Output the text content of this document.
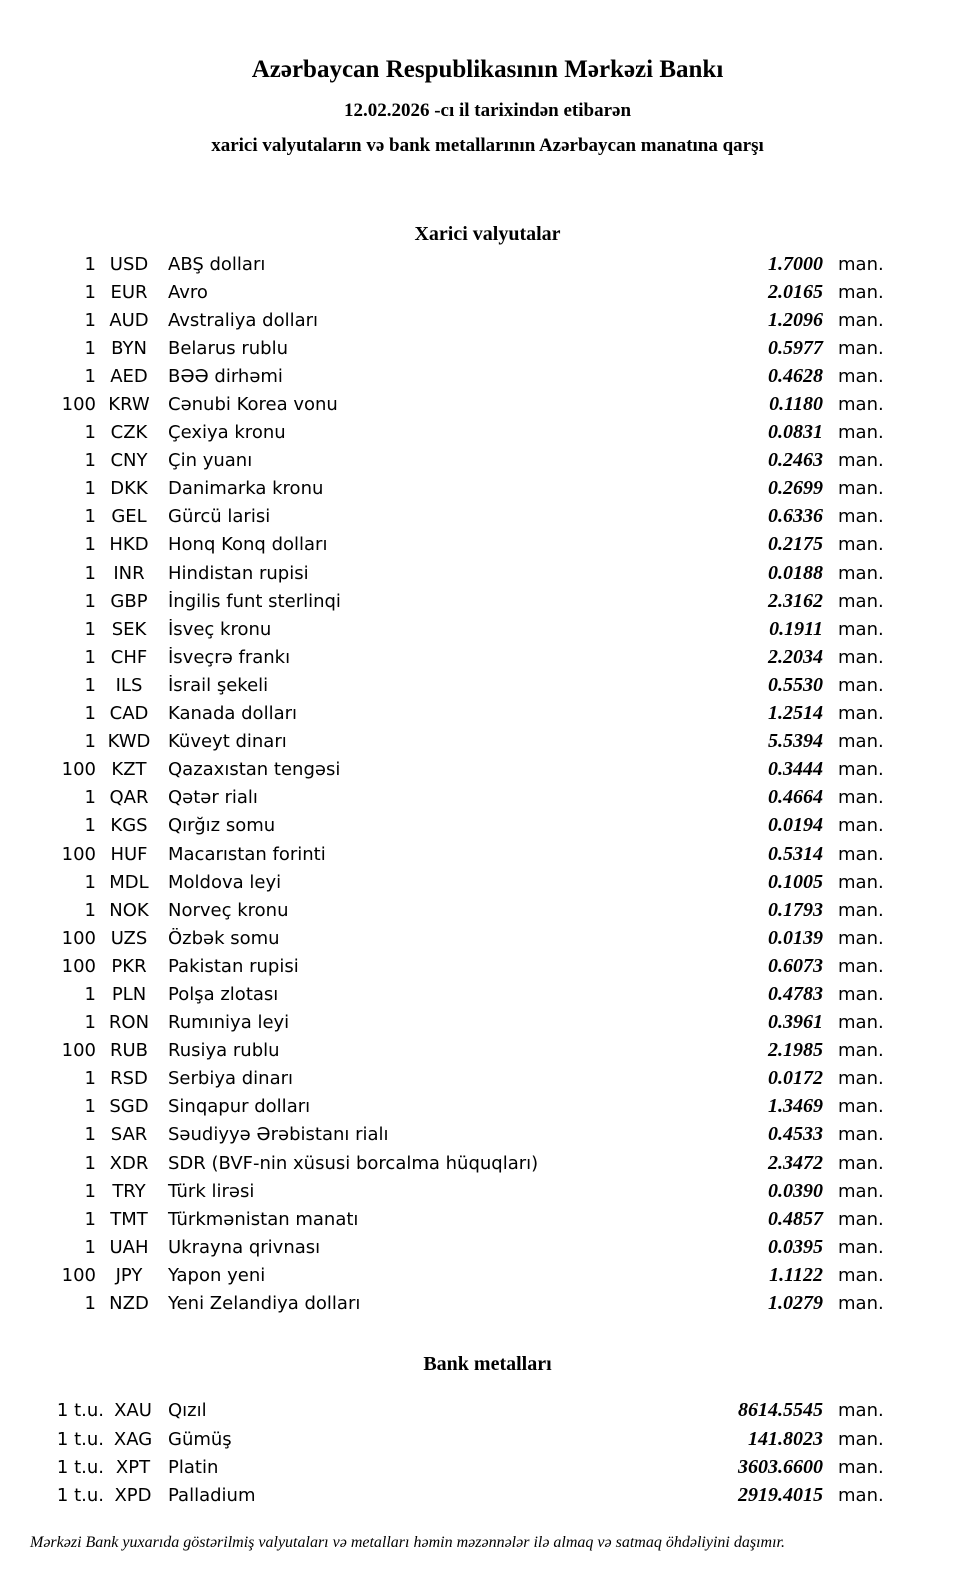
Azərbaycan Respublikasının Mərkəzi Bankı
12.02.2026 -cı il tarixindən etibarən
xarici valyutaların və bank metallarının Azərbaycan manatına qarşı
Xarici valyutalar
1 USD	ABŞ dolları	1.7000 man.
1 EUR	Avro	2.0165 man.
1 AUD	Avstraliya dolları	1.2096 man.
1 BYN	Belarus rublu	0.5977 man.
1 AED	BƏƏ dirhəmi	0.4628 man.
100 KRW	Cənubi Korea vonu	0.1180 man.
1 CZK	Çexiya kronu	0.0831 man.
1 CNY	Çin yuanı	0.2463 man.
1 DKK	Danimarka kronu	0.2699 man.
1 GEL	Gürcü larisi	0.6336 man.
1 HKD	Honq Konq dolları	0.2175 man.
1 INR	Hindistan rupisi	0.0188 man.
1 GBP	İngilis funt sterlinqi	2.3162 man.
1 SEK	İsveç kronu	0.1911 man.
1 CHF	İsveçrə frankı	2.2034 man.
1	ILS	İsrail şekeli	0.5530 man.
1 CAD	Kanada dolları	1.2514 man.
1 KWD Küveyt dinarı	5.5394 man.
100 KZT	Qazaxıstan tengəsi	0.3444 man.
1 QAR	Qətər rialı	0.4664 man.
1 KGS	Qırğız somu	0.0194 man.
100 HUF	Macarıstan forinti	0.5314 man.
1 MDL	Moldova leyi	0.1005 man.
1 NOK	Norveç kronu	0.1793 man.
100 UZS	Özbək somu	0.0139 man.
100 PKR	Pakistan rupisi	0.6073 man.
1 PLN	Polşa zlotası	0.4783 man.
1 RON	Rumıniya leyi	0.3961 man.
100 RUB	Rusiya rublu	2.1985 man.
1 RSD	Serbiya dinarı	0.0172 man.
1 SGD	Sinqapur dolları	1.3469 man.
1 SAR	Səudiyyə Ərəbistanı rialı	0.4533 man.
1 XDR	SDR (BVF-nin xüsusi borcalma hüquqları)	2.3472 man.
1 TRY	Türk lirəsi	0.0390 man.
1 TMT	Türkmənistan manatı	0.4857 man.
1 UAH	Ukrayna qrivnası	0.0395 man.
100	JPY	Yapon yeni	1.1122 man.
1 NZD	Yeni Zelandiya dolları	1.0279 man.
Bank metalları
1 t.u. XAU Qızıl	8614.5545 man.
1 t.u. XAG Gümüş	141.8023 man.
1 t.u. XPT Platin	3603.6600 man.
1 t.u. XPD Palladium	2919.4015 man.
Mərkəzi Bank yuxarıda göstərilmiş valyutaları və metalları həmin məzənnələr ilə almaq və satmaq öhdəliyini daşımır.
